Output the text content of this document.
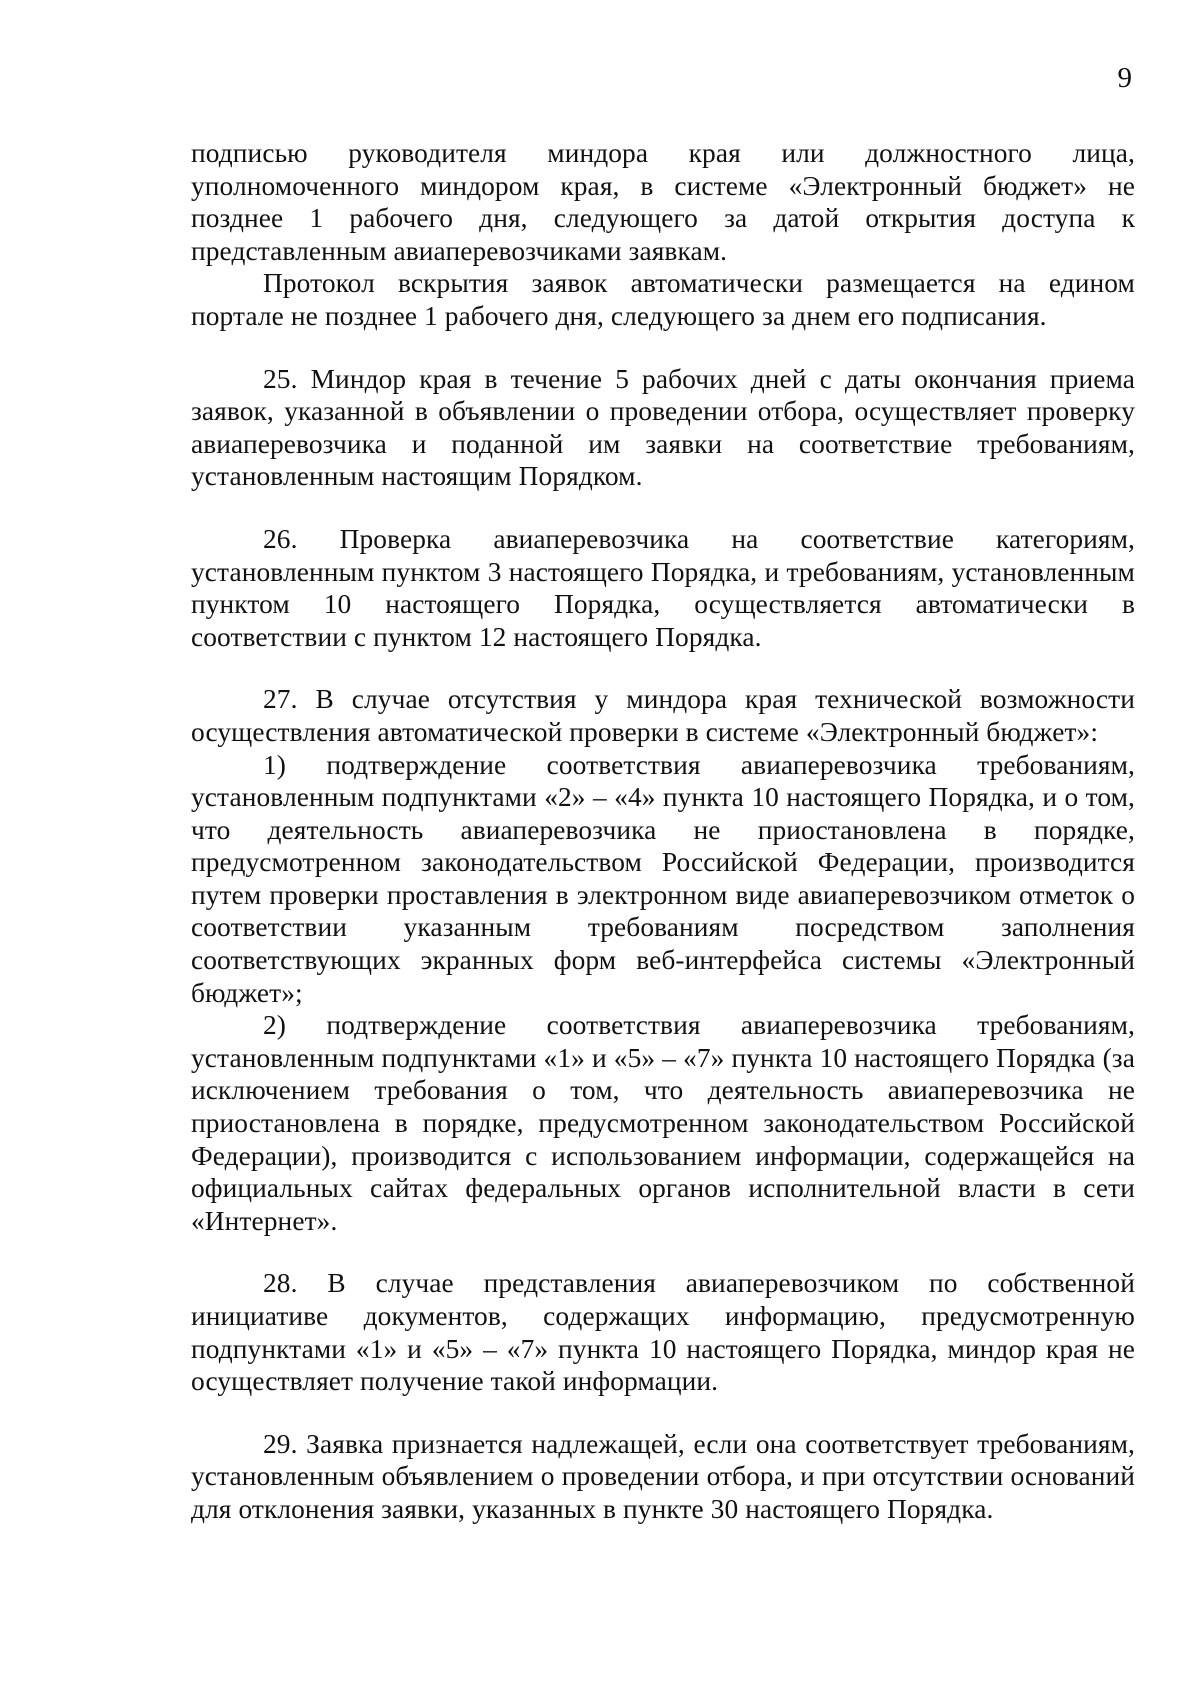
9

подписью руководителя миндора края или должностного лица, уполномоченного миндором края, в системе «Электронный бюджет» не позднее 1 рабочего дня, следующего за датой открытия доступа к представленным авиаперевозчиками заявкам.

Протокол вскрытия заявок автоматически размещается на едином портале не позднее 1 рабочего дня, следующего за днем его подписания.

25. Миндор края в течение 5 рабочих дней с даты окончания приема заявок, указанной в объявлении о проведении отбора, осуществляет проверку авиаперевозчика и поданной им заявки на соответствие требованиям, установленным настоящим Порядком.

26. Проверка авиаперевозчика на соответствие категориям, установленным пунктом 3 настоящего Порядка, и требованиям, установленным пунктом 10 настоящего Порядка, осуществляется автоматически в соответствии с пунктом 12 настоящего Порядка.

27. В случае отсутствия у миндора края технической возможности осуществления автоматической проверки в системе «Электронный бюджет»:

1) подтверждение соответствия авиаперевозчика требованиям, установленным подпунктами «2» – «4» пункта 10 настоящего Порядка, и о том, что деятельность авиаперевозчика не приостановлена в порядке, предусмотренном законодательством Российской Федерации, производится путем проверки проставления в электронном виде авиаперевозчиком отметок о соответствии указанным требованиям посредством заполнения соответствующих экранных форм веб-интерфейса системы «Электронный бюджет»;

2) подтверждение соответствия авиаперевозчика требованиям, установленным подпунктами «1» и «5» – «7» пункта 10 настоящего Порядка (за исключением требования о том, что деятельность авиаперевозчика не приостановлена в порядке, предусмотренном законодательством Российской Федерации), производится с использованием информации, содержащейся на официальных сайтах федеральных органов исполнительной власти в сети «Интернет».

28. В случае представления авиаперевозчиком по собственной инициативе документов, содержащих информацию, предусмотренную подпунктами «1» и «5» – «7» пункта 10 настоящего Порядка, миндор края не осуществляет получение такой информации.

29. Заявка признается надлежащей, если она соответствует требованиям, установленным объявлением о проведении отбора, и при отсутствии оснований для отклонения заявки, указанных в пункте 30 настоящего Порядка.
